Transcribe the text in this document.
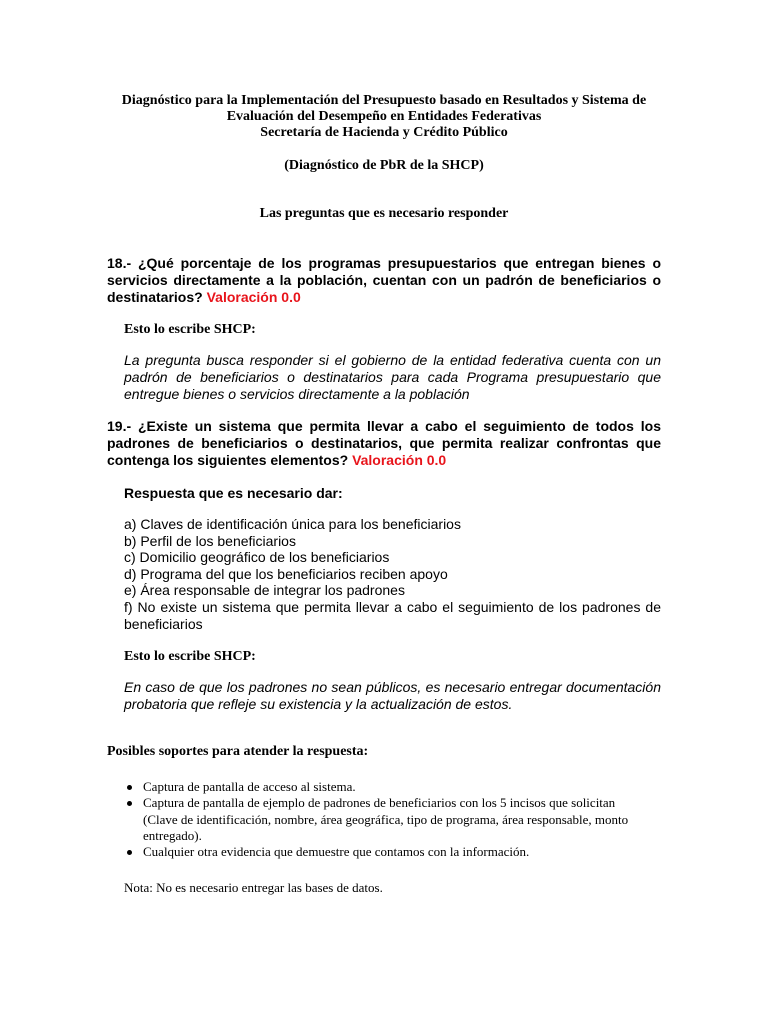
Diagnóstico para la Implementación del Presupuesto basado en Resultados y Sistema de
Evaluación del Desempeño en Entidades Federativas
Secretaría de Hacienda y Crédito Público
(Diagnóstico de PbR de la SHCP)
Las preguntas que es necesario responder
18.- ¿Qué porcentaje de los programas presupuestarios que entregan bienes o
servicios directamente a la población, cuentan con un padrón de beneficiarios o
destinatarios? Valoración 0.0
Esto lo escribe SHCP:
La pregunta busca responder si el gobierno de la entidad federativa cuenta con un
padrón de beneficiarios o destinatarios para cada Programa presupuestario que
entregue bienes o servicios directamente a la población
19.- ¿Existe un sistema que permita llevar a cabo el seguimiento de todos los
padrones de beneficiarios o destinatarios, que permita realizar confrontas que
contenga los siguientes elementos? Valoración 0.0
Respuesta que es necesario dar:
a) Claves de identificación única para los beneficiarios
b) Perfil de los beneficiarios
c) Domicilio geográfico de los beneficiarios
d) Programa del que los beneficiarios reciben apoyo
e) Área responsable de integrar los padrones
f) No existe un sistema que permita llevar a cabo el seguimiento de los padrones de
beneficiarios
Esto lo escribe SHCP:
En caso de que los padrones no sean públicos, es necesario entregar documentación
probatoria que refleje su existencia y la actualización de estos.
Posibles soportes para atender la respuesta:
Captura de pantalla de acceso al sistema.
Captura de pantalla de ejemplo de padrones de beneficiarios con los 5 incisos que solicitan
(Clave de identificación, nombre, área geográfica, tipo de programa, área responsable, monto
entregado).
Cualquier otra evidencia que demuestre que contamos con la información.
Nota: No es necesario entregar las bases de datos.
